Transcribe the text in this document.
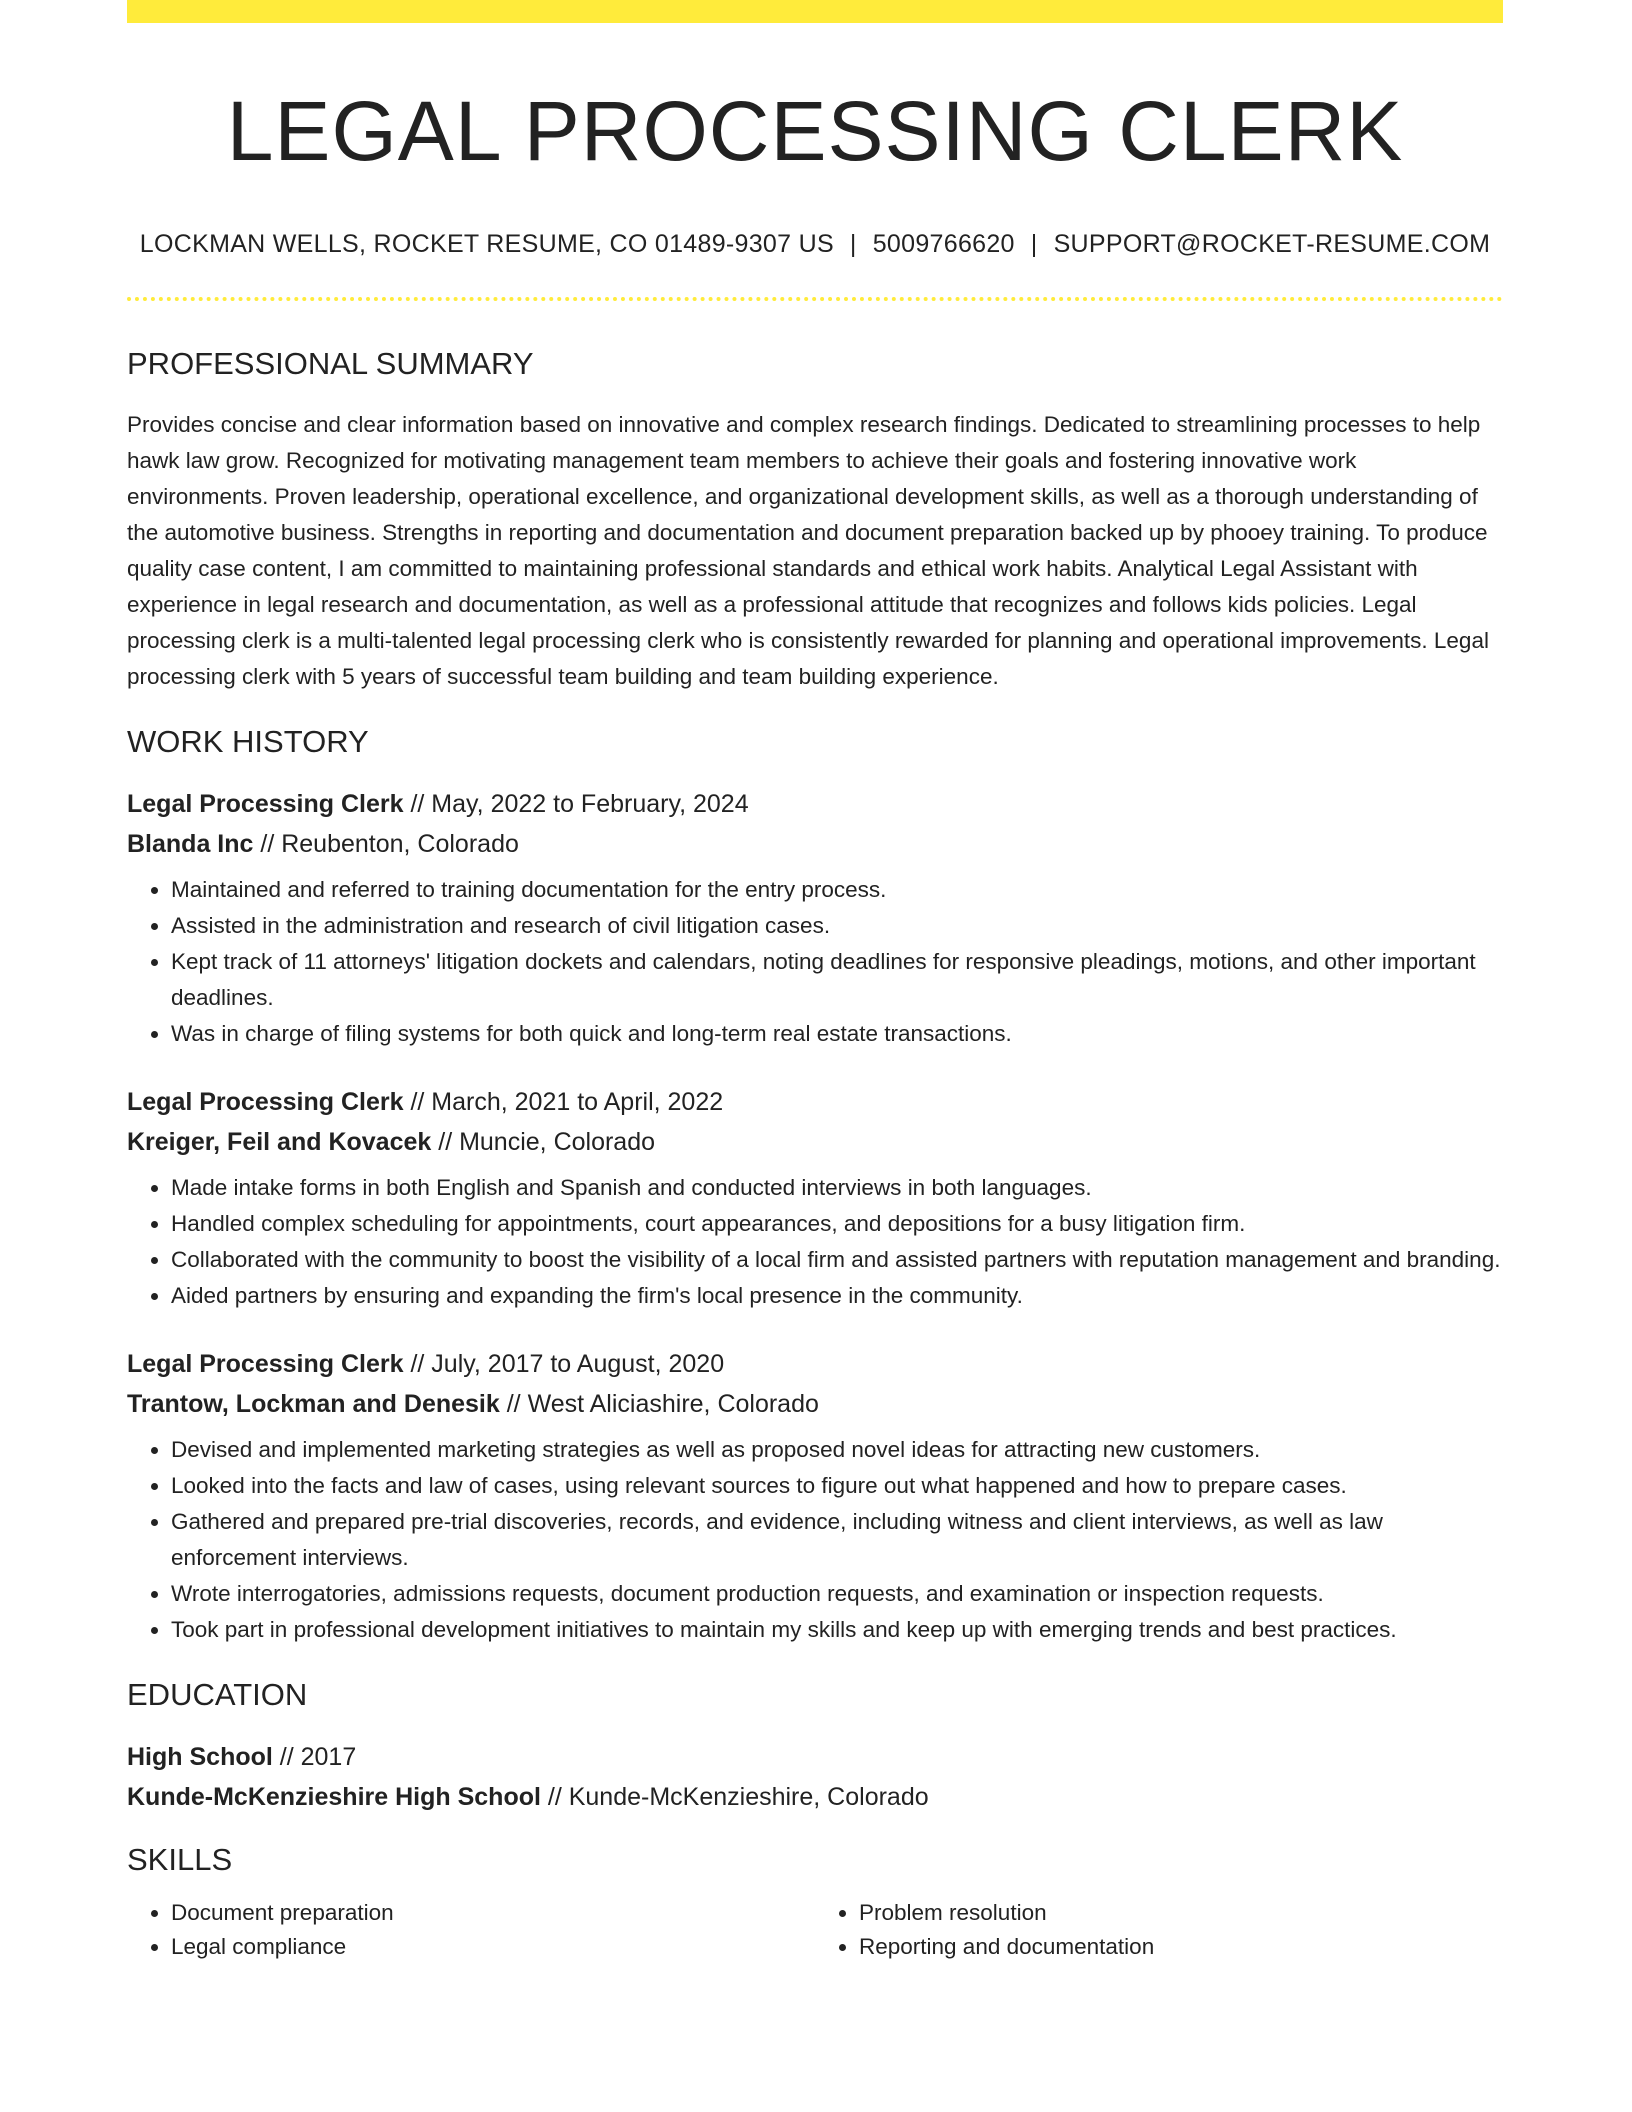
LEGAL PROCESSING CLERK
LOCKMAN WELLS, ROCKET RESUME, CO 01489-9307 US | 5009766620 | SUPPORT@ROCKET-RESUME.COM
PROFESSIONAL SUMMARY

Provides concise and clear information based on innovative and complex research findings. Dedicated to streamlining processes to help hawk law grow. Recognized for motivating management team members to achieve their goals and fostering innovative work environments. Proven leadership, operational excellence, and organizational development skills, as well as a thorough understanding of the automotive business. Strengths in reporting and documentation and document preparation backed up by phooey training. To produce quality case content, I am committed to maintaining professional standards and ethical work habits. Analytical Legal Assistant with experience in legal research and documentation, as well as a professional attitude that recognizes and follows kids policies. Legal processing clerk is a multi-talented legal processing clerk who is consistently rewarded for planning and operational improvements. Legal processing clerk with 5 years of successful team building and team building experience.

WORK HISTORY

Legal Processing Clerk // May, 2022 to February, 2024

Blanda Inc // Reubenton, Colorado

• Maintained and referred to training documentation for the entry process.
• Assisted in the administration and research of civil litigation cases.
• Kept track of 11 attorneys' litigation dockets and calendars, noting deadlines for responsive pleadings, motions, and other important deadlines.
• Was in charge of filing systems for both quick and long-term real estate transactions.

Legal Processing Clerk // March, 2021 to April, 2022

Kreiger, Feil and Kovacek // Muncie, Colorado

• Made intake forms in both English and Spanish and conducted interviews in both languages.
• Handled complex scheduling for appointments, court appearances, and depositions for a busy litigation firm.
• Collaborated with the community to boost the visibility of a local firm and assisted partners with reputation management and branding.
• Aided partners by ensuring and expanding the firm's local presence in the community.

Legal Processing Clerk // July, 2017 to August, 2020

Trantow, Lockman and Denesik // West Aliciashire, Colorado

• Devised and implemented marketing strategies as well as proposed novel ideas for attracting new customers.
• Looked into the facts and law of cases, using relevant sources to figure out what happened and how to prepare cases.
• Gathered and prepared pre-trial discoveries, records, and evidence, including witness and client interviews, as well as law enforcement interviews.
• Wrote interrogatories, admissions requests, document production requests, and examination or inspection requests.
• Took part in professional development initiatives to maintain my skills and keep up with emerging trends and best practices.
EDUCATION

High School // 2017

Kunde-McKenzieshire High School // Kunde-McKenzieshire, Colorado

SKILLS
• Document preparation
• Legal compliance
• Problem resolution
• Reporting and documentation
